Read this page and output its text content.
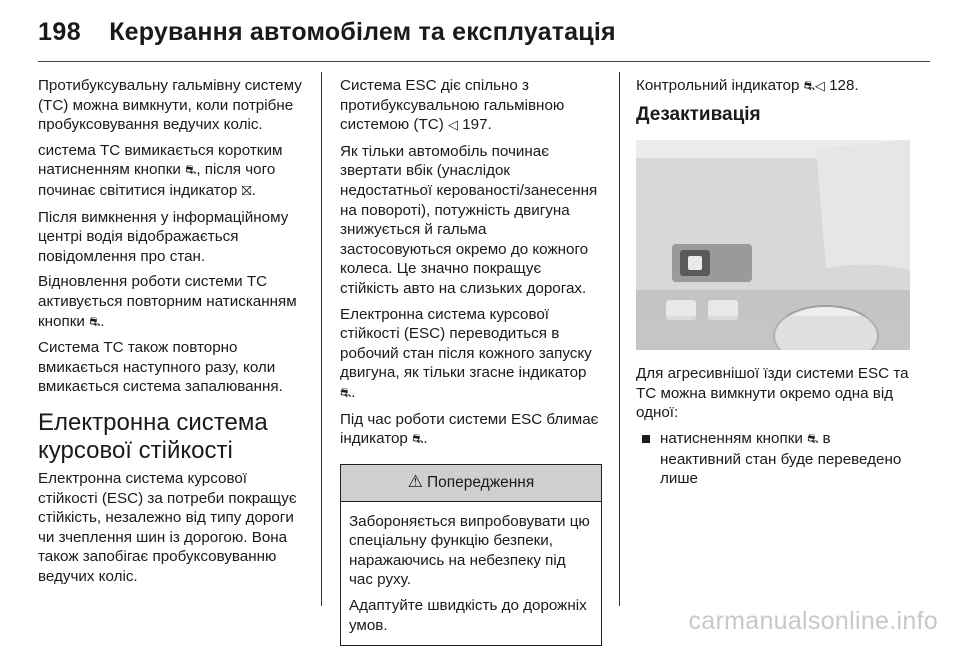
198 Керування автомобілем та експлуатація

Протибуксувальну гальмівну систему (ТС) можна вимкнути, коли потрібне пробуксовування ведучих коліс.

система ТС вимикається коротким натисненням кнопки ⛐, після чого починає світитися індикатор ⛝.

Після вимкнення у інформаційному центрі водія відображається повідомлення про стан.

Відновлення роботи системи ТС активується повторним натисканням кнопки ⛐.

Система ТС також повторно вмикається наступного разу, коли вмикається система запалювання.

Електронна система курсової стійкості

Електронна система курсової стійкості (ESC) за потреби покращує стійкість, незалежно від типу дороги чи зчеплення шин із дорогою. Вона також запобігає пробуксовуванню ведучих коліс.

Система ESC діє спільно з протибуксувальною гальмівною системою (ТС) ◁ 197.

Як тільки автомобіль починає звертати вбік (унаслідок недостатньої керованості/занесення на повороті), потужність двигуна знижується й гальма застосовуються окремо до кожного колеса. Це значно покращує стійкість авто на слизьких дорогах.

Електронна система курсової стійкості (ESC) переводиться в робочий стан після кожного запуску двигуна, як тільки згасне індикатор ⛐.

Під час роботи системи ESC блимає індикатор ⛐.

⚠ Попередження

Забороняється випробовувати цю спеціальну функцію безпеки, наражаючись на небезпеку під час руху.

Адаптуйте швидкість до дорожніх умов.

Контрольний індикатор ⛐◁ 128.

Дезактивація

Для агресивнішої їзди системи ESC та ТС можна вимкнути окремо одна від одної:

натисненням кнопки ⛐ в неактивний стан буде переведено лише
carmanualsonline.info
